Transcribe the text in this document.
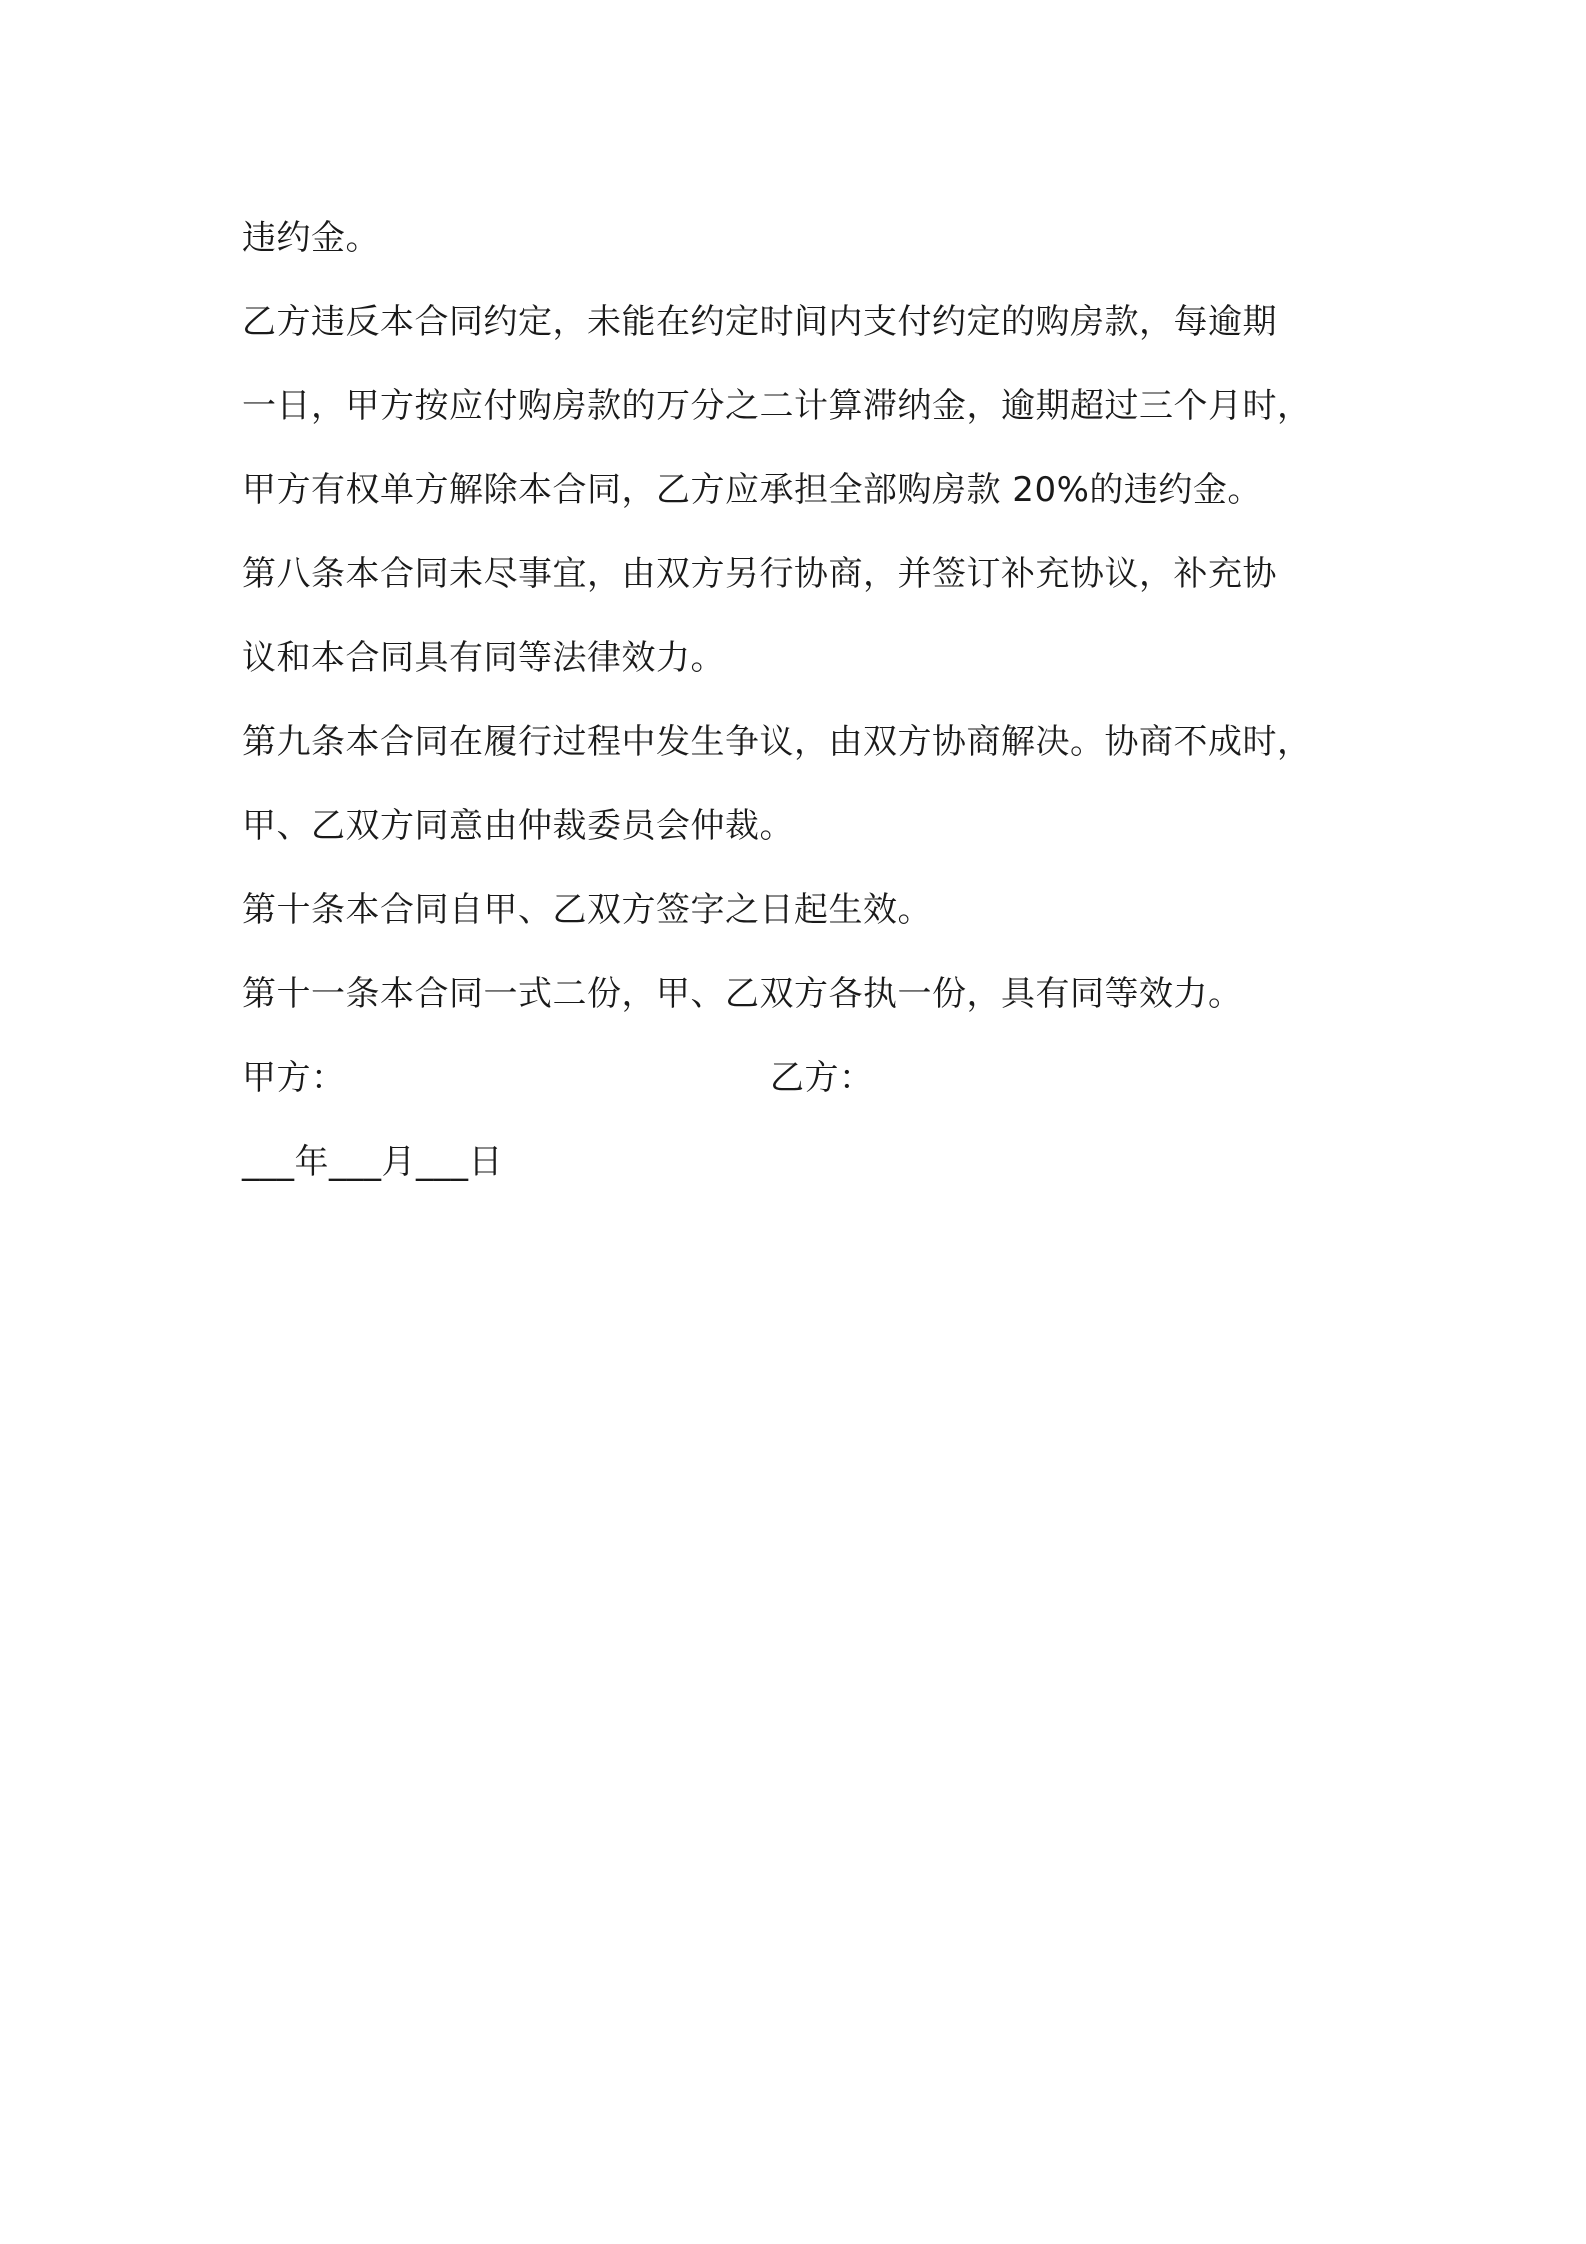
违约金。
乙方违反本合同约定，未能在约定时间内支付约定的购房款，每逾期
一日，甲方按应付购房款的万分之二计算滞纳金，逾期超过三个月时，
甲方有权单方解除本合同，乙方应承担全部购房款 20%的违约金。
第八条本合同未尽事宜，由双方另行协商，并签订补充协议，补充协
议和本合同具有同等法律效力。
第九条本合同在履行过程中发生争议，由双方协商解决。协商不成时，
甲、乙双方同意由仲裁委员会仲裁。
第十条本合同自甲、乙双方签字之日起生效。
第十一条本合同一式二份，甲、乙双方各执一份，具有同等效力。
甲方：	乙方：
___年___月___日
